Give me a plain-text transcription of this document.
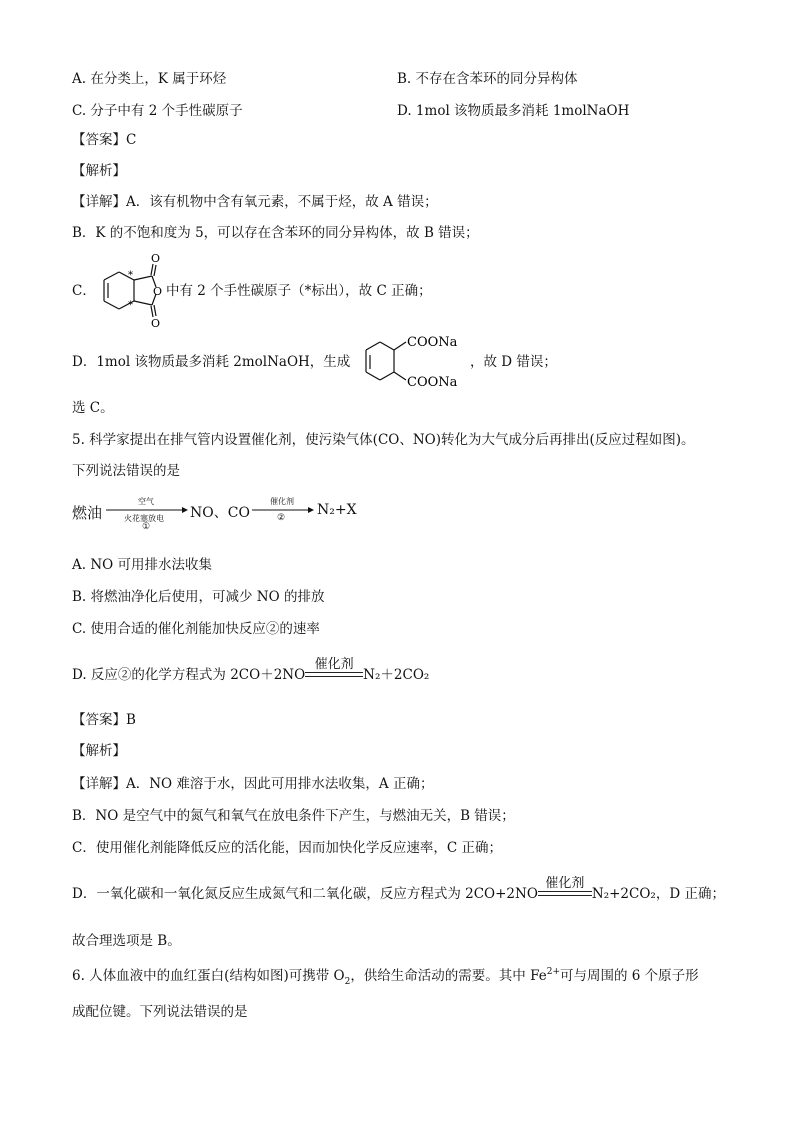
A. 在分类上，K 属于环烃	B. 不存在含苯环的同分异构体
C. 分子中有 2 个手性碳原子	D. 1mol 该物质最多消耗 1molNaOH
【答案】C
【解析】
【详解】A．该有机物中含有氧元素，不属于烃，故 A 错误；
B．K 的不饱和度为 5，可以存在含苯环的同分异构体，故 B 错误；
C．
O
O
O
*
*
中有 2 个手性碳原子（*标出），故 C 正确；
D．1mol 该物质最多消耗 2molNaOH，生成
COONa
COONa
，故 D 错误；
选 C。
5. 科学家提出在排气管内设置催化剂，使污染气体(CO、NO)转化为大气成分后再排出(反应过程如图)。
下列说法错误的是
燃油
空气
火花塞放电
①
NO、CO
催化剂
② N₂+X
A. NO 可用排水法收集
B. 将燃油净化后使用，可减少 NO 的排放
C. 使用合适的催化剂能加快反应②的速率
D. 反应②的化学方程式为 2CO＋2NO
催化剂
N₂＋2CO₂
【答案】B
【解析】
【详解】A．NO 难溶于水，因此可用排水法收集，A 正确；
B．NO 是空气中的氮气和氧气在放电条件下产生，与燃油无关，B 错误；
C．使用催化剂能降低反应的活化能，因而加快化学反应速率，C 正确；
D．一氧化碳和一氧化氮反应生成氮气和二氧化碳，反应方程式为 2CO+2NO
催化剂
N₂+2CO₂，D 正确；
故合理选项是 B。
6. 人体血液中的血红蛋白(结构如图)可携带 $O_2$，供给生命活动的需要。其中 $Fe^{2+}$可与周围的 6 个原子形
成配位键。下列说法错误的是
